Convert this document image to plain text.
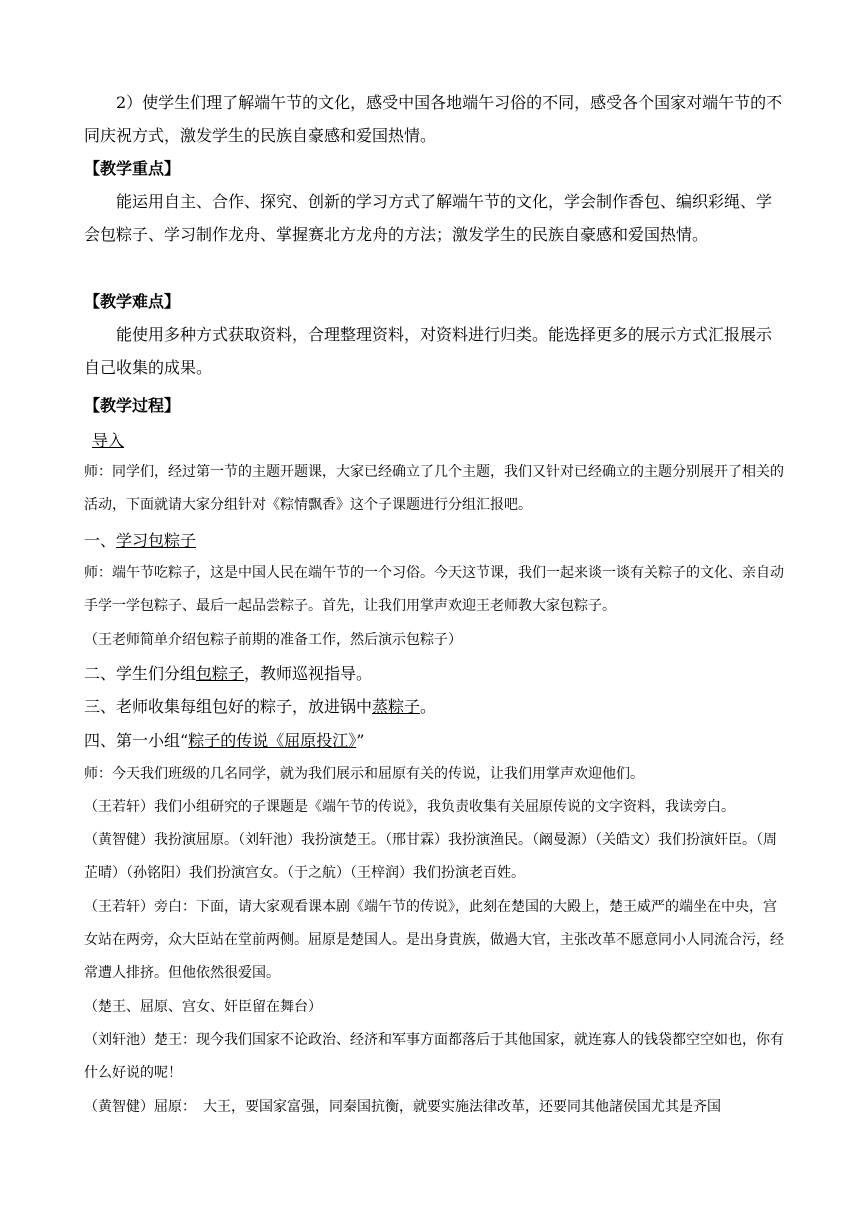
2）使学生们理了解端午节的文化，感受中国各地端午习俗的不同，感受各个国家对端午节的不同庆祝方式，激发学生的民族自豪感和爱国热情。

【教学重点】

能运用自主、合作、探究、创新的学习方式了解端午节的文化，学会制作香包、编织彩绳、学会包粽子、学习制作龙舟、掌握赛北方龙舟的方法；激发学生的民族自豪感和爱国热情。

【教学难点】

能使用多种方式获取资料，合理整理资料，对资料进行归类。能选择更多的展示方式汇报展示自己收集的成果。

【教学过程】

导入

师：同学们，经过第一节的主题开题课，大家已经确立了几个主题，我们又针对已经确立的主题分别展开了相关的活动，下面就请大家分组针对《粽情飘香》这个子课题进行分组汇报吧。

一、学习包粽子

师：端午节吃粽子，这是中国人民在端午节的一个习俗。今天这节课，我们一起来谈一谈有关粽子的文化、亲自动手学一学包粽子、最后一起品尝粽子。首先，让我们用掌声欢迎王老师教大家包粽子。

（王老师简单介绍包粽子前期的准备工作，然后演示包粽子）

二、学生们分组包粽子，教师巡视指导。

三、老师收集每组包好的粽子，放进锅中蒸粽子。

四、第一小组“粽子的传说《屈原投江》”

师：今天我们班级的几名同学，就为我们展示和屈原有关的传说，让我们用掌声欢迎他们。

（王若轩）我们小组研究的子课题是《端午节的传说》，我负责收集有关屈原传说的文字资料，我读旁白。

（黄智健）我扮演屈原。（刘轩池）我扮演楚王。（邢甘霖）我扮演渔民。（阚曼源）（关皓文）我们扮演奸臣。（周芷晴）（孙铭阳）我们扮演宫女。（于之航）（王梓润）我们扮演老百姓。

（王若轩）旁白：下面，请大家观看课本剧《端午节的传说》，此刻在楚国的大殿上，楚王威严的端坐在中央，宫女站在两旁，众大臣站在堂前两侧。屈原是楚国人。是出身貴族，做過大官，主张改革不愿意同小人同流合污，经常遭人排挤。但他依然很爱国。

（楚王、屈原、宫女、奸臣留在舞台）

（刘轩池）楚王：现今我们国家不论政治、经济和军事方面都落后于其他国家，就连寡人的钱袋都空空如也，你有什么好说的呢！

（黄智健）屈原：　大王，要国家富强，同秦国抗衡，就要实施法律改革，还要同其他諸侯国尤其是齐国
